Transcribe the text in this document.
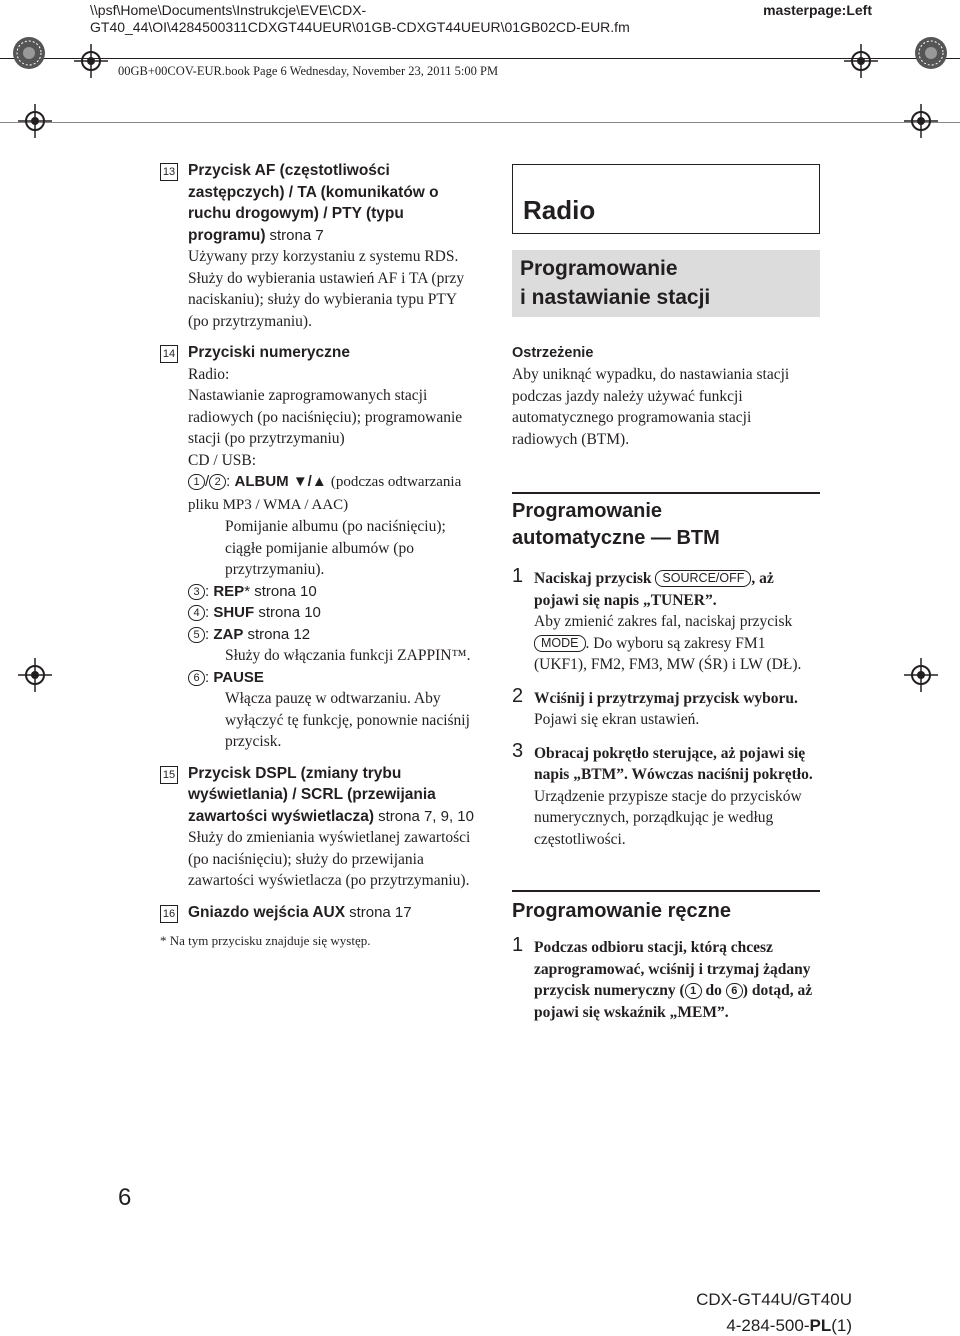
\\psf\Home\Documents\Instrukcje\EVE\CDX-GT40_44\OI\4284500311CDXGT44UEUR\01GB-CDXGT44UEUR\01GB02CD-EUR.fm
masterpage:Left
00GB+00COV-EUR.book Page 6 Wednesday, November 23, 2011 5:00 PM
13 Przycisk AF (częstotliwości zastępczych) / TA (komunikatów o ruchu drogowym) / PTY (typu programu) strona 7
Używany przy korzystaniu z systemu RDS. Służy do wybierania ustawień AF i TA (przy naciskaniu); służy do wybierania typu PTY (po przytrzymaniu).
14 Przyciski numeryczne
Radio:
Nastawianie zaprogramowanych stacji radiowych (po naciśnięciu); programowanie stacji (po przytrzymaniu)
CD / USB:
1 / 2 : ALBUM ▼/▲ (podczas odtwarzania pliku MP3 / WMA / AAC)
Pomijanie albumu (po naciśnięciu); ciągłe pomijanie albumów (po przytrzymaniu).
3 : REP* strona 10
4 : SHUF strona 10
5 : ZAP strona 12
Służy do włączania funkcji ZAPPIN™.
6 : PAUSE
Włącza pauzę w odtwarzaniu. Aby wyłączyć tę funkcję, ponownie naciśnij przycisk.
15 Przycisk DSPL (zmiany trybu wyświetlania) / SCRL (przewijania zawartości wyświetlacza) strona 7, 9, 10
Służy do zmieniania wyświetlanej zawartości (po naciśnięciu); służy do przewijania zawartości wyświetlacza (po przytrzymaniu).
16 Gniazdo wejścia AUX strona 17
* Na tym przycisku znajduje się występ.
Radio
Programowanie
i nastawianie stacji
Ostrzeżenie
Aby uniknąć wypadku, do nastawiania stacji podczas jazdy należy używać funkcji automatycznego programowania stacji radiowych (BTM).
Programowanie
automatyczne — BTM
1 Naciskaj przycisk SOURCE/OFF , aż pojawi się napis „TUNER”.
Aby zmienić zakres fal, naciskaj przycisk MODE . Do wyboru są zakresy FM1 (UKF1), FM2, FM3, MW (ŚR) i LW (DŁ).
2 Wciśnij i przytrzymaj przycisk wyboru.
Pojawi się ekran ustawień.
3 Obracaj pokrętło sterujące, aż pojawi się napis „BTM”. Wówczas naciśnij pokrętło.
Urządzenie przypisze stacje do przycisków numerycznych, porządkując je według częstotliwości.
Programowanie ręczne
1 Podczas odbioru stacji, którą chcesz zaprogramować, wciśnij i trzymaj żądany przycisk numeryczny ( 1 do 6 ) dotąd, aż pojawi się wskaźnik „MEM”.
6
CDX-GT44U/GT40U
4-284-500-PL(1)
